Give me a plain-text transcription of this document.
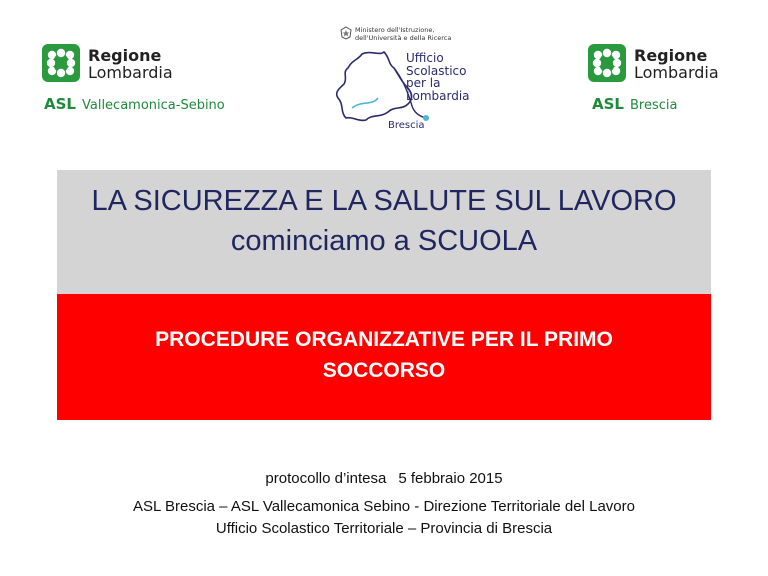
Regione
Lombardia
ASL Vallecamonica-Sebino
Ministero dell'Istruzione,
dell'Università e della Ricerca
Ufficio
Scolastico
per la
Lombardia
Brescia
Regione
Lombardia
ASL Brescia
LA SICUREZZA E LA SALUTE SUL LAVORO
cominciamo a SCUOLA
PROCEDURE ORGANIZZATIVE PER IL PRIMO
SOCCORSO
protocollo d’intesa 5 febbraio 2015
ASL Brescia – ASL Vallecamonica Sebino - Direzione Territoriale del Lavoro
Ufficio Scolastico Territoriale – Provincia di Brescia
